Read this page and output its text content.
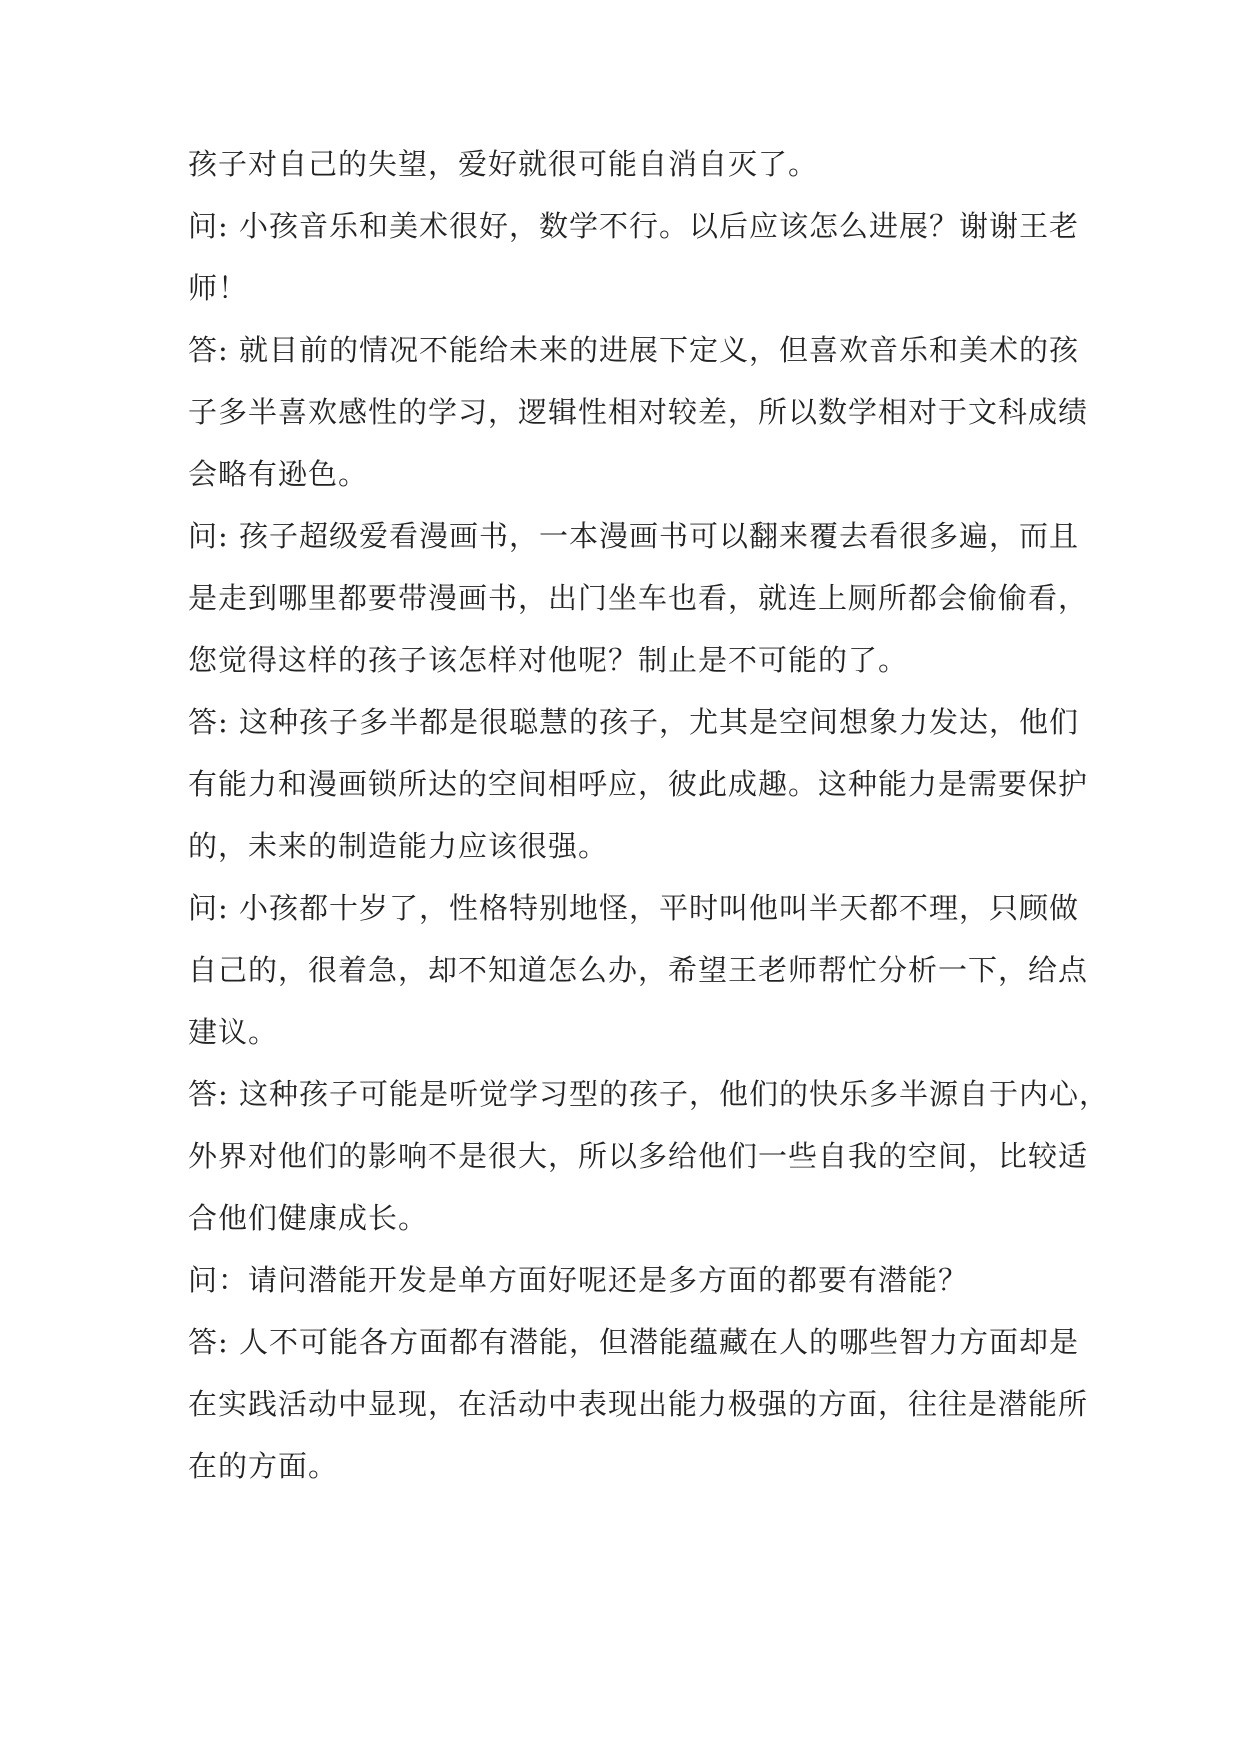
孩子对自己的失望，爱好就很可能自消自灭了。
问: 小孩音乐和美术很好，数学不行。以后应该怎么进展？谢谢王老
师！
答: 就目前的情况不能给未来的进展下定义，但喜欢音乐和美术的孩
子多半喜欢感性的学习，逻辑性相对较差，所以数学相对于文科成绩
会略有逊色。
问: 孩子超级爱看漫画书，一本漫画书可以翻来覆去看很多遍，而且
是走到哪里都要带漫画书，出门坐车也看，就连上厕所都会偷偷看，
您觉得这样的孩子该怎样对他呢？制止是不可能的了。
答: 这种孩子多半都是很聪慧的孩子，尤其是空间想象力发达，他们
有能力和漫画锁所达的空间相呼应，彼此成趣。这种能力是需要保护
的，未来的制造能力应该很强。
问: 小孩都十岁了，性格特别地怪，平时叫他叫半天都不理，只顾做
自己的，很着急，却不知道怎么办，希望王老师帮忙分析一下，给点
建议。
答: 这种孩子可能是听觉学习型的孩子，他们的快乐多半源自于内心，
外界对他们的影响不是很大，所以多给他们一些自我的空间，比较适
合他们健康成长。
问：请问潜能开发是单方面好呢还是多方面的都要有潜能？
答: 人不可能各方面都有潜能，但潜能蕴藏在人的哪些智力方面却是
在实践活动中显现，在活动中表现出能力极强的方面，往往是潜能所
在的方面。
